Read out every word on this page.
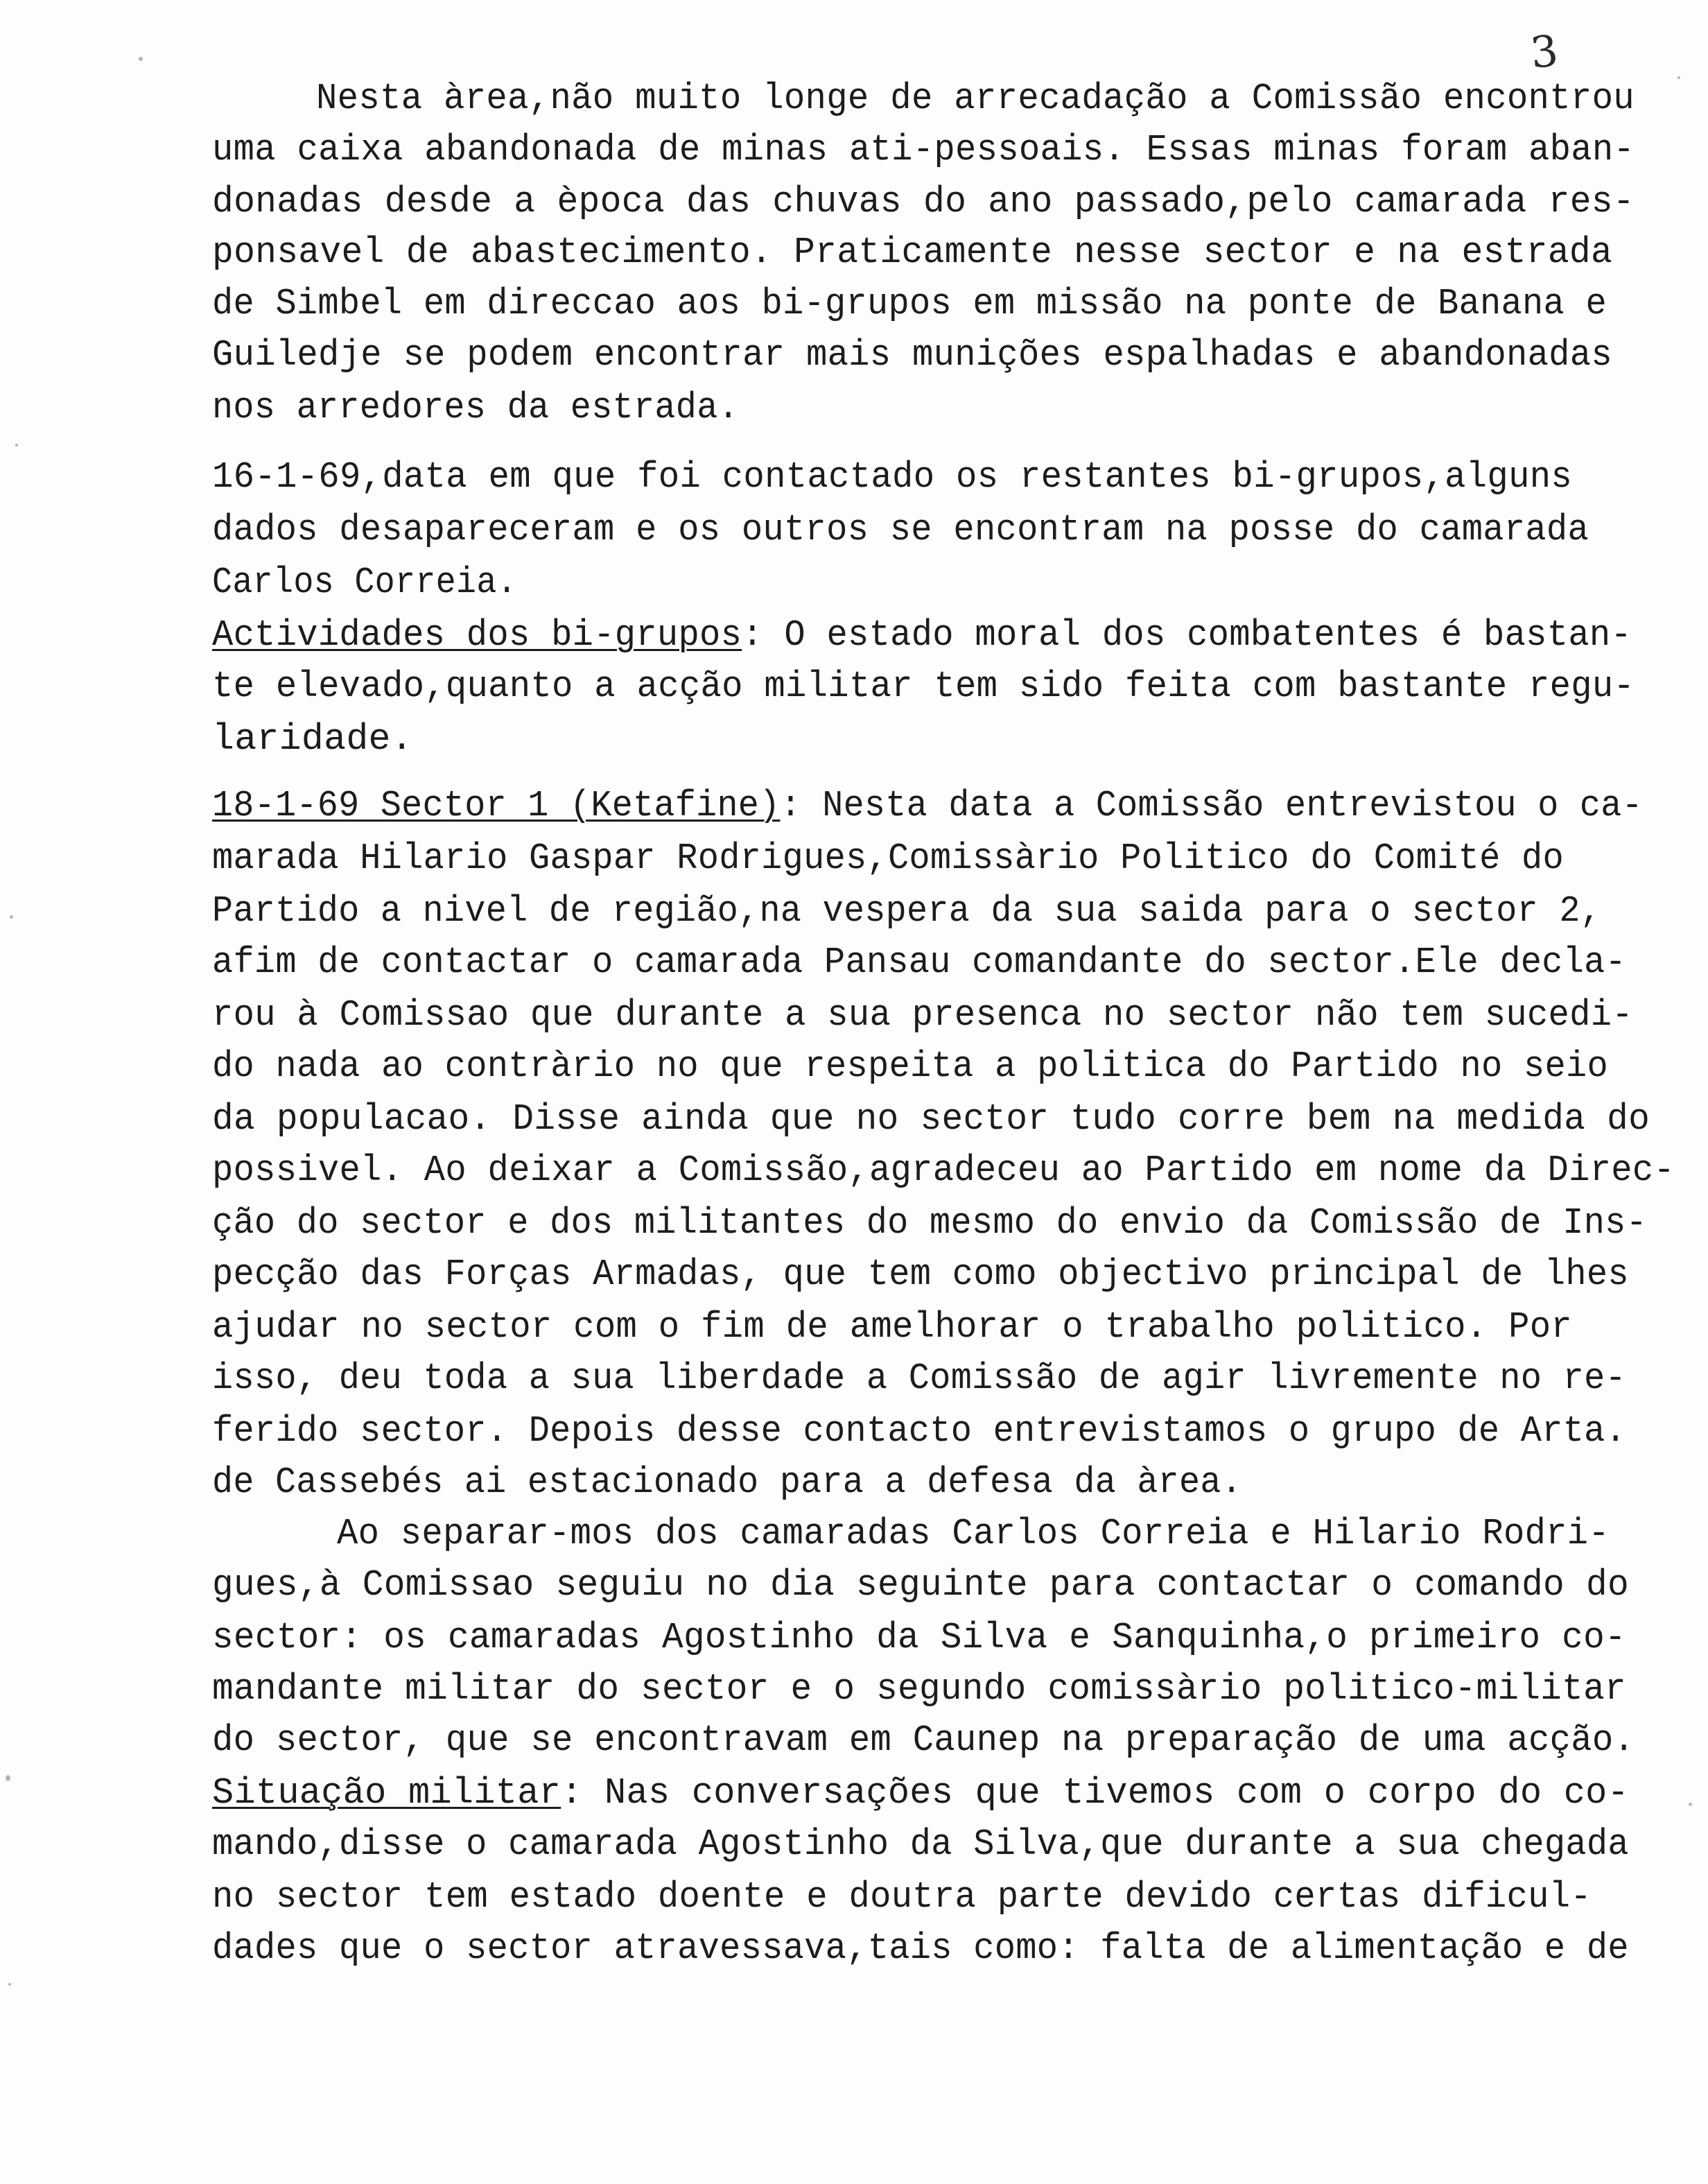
3
Nesta àrea,não muito longe de arrecadação a Comissão encontrou
uma caixa abandonada de minas ati-pessoais. Essas minas foram aban-
donadas desde a època das chuvas do ano passado,pelo camarada res-
ponsavel de abastecimento. Praticamente nesse sector e na estrada
de Simbel em direccao aos bi-grupos em missão na ponte de Banana e
Guiledje se podem encontrar mais munições espalhadas e abandonadas
nos arredores da estrada.
16-1-69,data em que foi contactado os restantes bi-grupos,alguns
dados desapareceram e os outros se encontram na posse do camarada
Carlos Correia.
Actividades dos bi-grupos: O estado moral dos combatentes é bastan-
te elevado,quanto a acção militar tem sido feita com bastante regu-
laridade.
18-1-69 Sector 1 (Ketafine): Nesta data a Comissão entrevistou o ca-
marada Hilario Gaspar Rodrigues,Comissàrio Politico do Comité do
Partido a nivel de região,na vespera da sua saida para o sector 2,
afim de contactar o camarada Pansau comandante do sector.Ele decla-
rou à Comissao que durante a sua presenca no sector não tem sucedi-
do nada ao contràrio no que respeita a politica do Partido no seio
da populacao. Disse ainda que no sector tudo corre bem na medida do
possivel. Ao deixar a Comissão,agradeceu ao Partido em nome da Direc-
ção do sector e dos militantes do mesmo do envio da Comissão de Ins-
pecção das Forças Armadas, que tem como objectivo principal de lhes
ajudar no sector com o fim de amelhorar o trabalho politico. Por
isso, deu toda a sua liberdade a Comissão de agir livremente no re-
ferido sector. Depois desse contacto entrevistamos o grupo de Arta.
de Cassebés ai estacionado para a defesa da àrea.
Ao separar-mos dos camaradas Carlos Correia e Hilario Rodri-
gues,à Comissao seguiu no dia seguinte para contactar o comando do
sector: os camaradas Agostinho da Silva e Sanquinha,o primeiro co-
mandante militar do sector e o segundo comissàrio politico-militar
do sector, que se encontravam em Caunep na preparação de uma acção.
Situação militar: Nas conversações que tivemos com o corpo do co-
mando,disse o camarada Agostinho da Silva,que durante a sua chegada
no sector tem estado doente e doutra parte devido certas dificul-
dades que o sector atravessava,tais como: falta de alimentação e de
